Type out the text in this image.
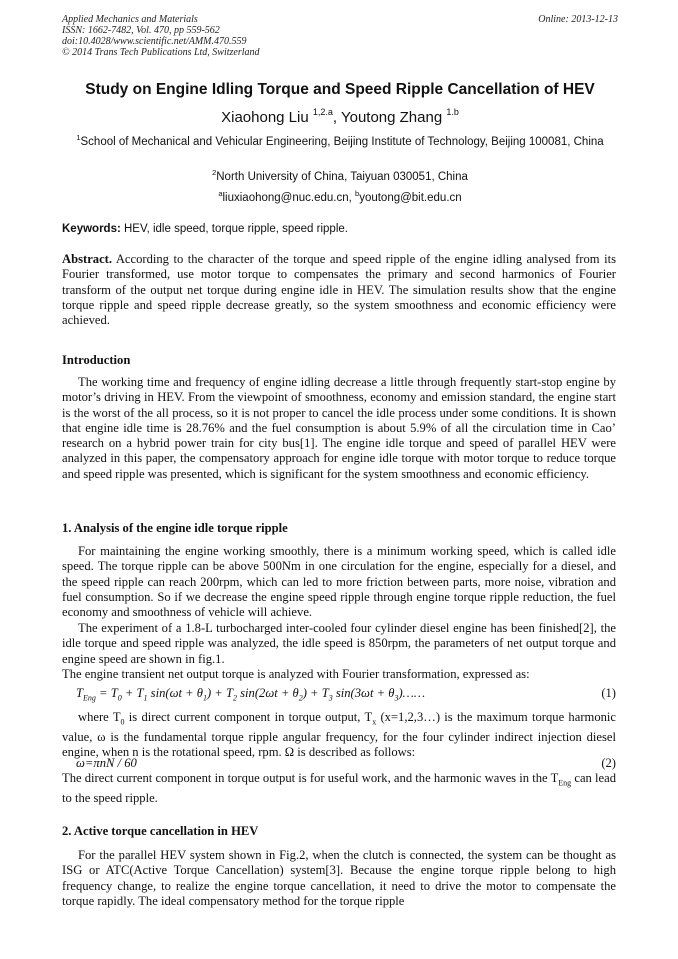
Applied Mechanics and Materials
ISSN: 1662-7482, Vol. 470, pp 559-562
doi:10.4028/www.scientific.net/AMM.470.559
© 2014 Trans Tech Publications Ltd, Switzerland
Online: 2013-12-13
Study on Engine Idling Torque and Speed Ripple Cancellation of HEV
Xiaohong Liu $^{1,2.a}$, Youtong Zhang $^{1.b}$
$^1$School of Mechanical and Vehicular Engineering, Beijing Institute of Technology, Beijing 100081, China
$^2$North University of China, Taiyuan 030051, China
$^a$liuxiaohong@nuc.edu.cn, $^b$youtong@bit.edu.cn
Keywords: HEV, idle speed, torque ripple, speed ripple.

Abstract. According to the character of the torque and speed ripple of the engine idling analysed from its Fourier transformed, use motor torque to compensates the primary and second harmonics of Fourier transform of the output net torque during engine idle in HEV. The simulation results show that the engine torque ripple and speed ripple decrease greatly, so the system smoothness and economic efficiency were achieved.

Introduction

The working time and frequency of engine idling decrease a little through frequently start-stop engine by motor’s driving in HEV. From the viewpoint of smoothness, economy and emission standard, the engine start is the worst of the all process, so it is not proper to cancel the idle process under some conditions. It is shown that engine idle time is 28.76% and the fuel consumption is about 5.9% of all the circulation time in Cao’ research on a hybrid power train for city bus[1]. The engine idle torque and speed of parallel HEV were analyzed in this paper, the compensatory approach for engine idle torque with motor torque to reduce torque and speed ripple was presented, which is significant for the system smoothness and economic efficiency.

1. Analysis of the engine idle torque ripple

For maintaining the engine working smoothly, there is a minimum working speed, which is called idle speed. The torque ripple can be above 500Nm in one circulation for the engine, especially for a diesel, and the speed ripple can reach 200rpm, which can led to more friction between parts, more noise, vibration and fuel consumption. So if we decrease the engine speed ripple through engine torque ripple reduction, the fuel economy and smoothness of vehicle will achieve.

The experiment of a 1.8-L turbocharged inter-cooled four cylinder diesel engine has been finished[2], the idle torque and speed ripple was analyzed, the idle speed is 850rpm, the parameters of net output torque and engine speed are shown in fig.1.

The engine transient net output torque is analyzed with Fourier transformation, expressed as:

$T_{Eng} = T_0 + T_1$ $\sin(\omega t + \theta_1) + T_2$ $\sin(2\omega t + \theta_2) + T_3$ $\sin(3\omega t + \theta_3)\dots\dots$	(1)

where $T_0$ is direct current component in torque output, $T_x$ (x=1,2,3…) is the maximum torque harmonic value, ω is the fundamental torque ripple angular frequency, for the four cylinder indirect injection diesel engine, when n is the rotational speed, rpm. Ω is described as follows:

ω=πnN / 60	(2)

The direct current component in torque output is for useful work, and the harmonic waves in the $T_{Eng}$ can lead to the speed ripple.

2. Active torque cancellation in HEV

For the parallel HEV system shown in Fig.2, when the clutch is connected, the system can be thought as ISG or ATC(Active Torque Cancellation) system[3]. Because the engine torque ripple belong to high frequency change, to realize the engine torque cancellation, it need to drive the motor to compensate the torque rapidly. The ideal compensatory method for the torque ripple
